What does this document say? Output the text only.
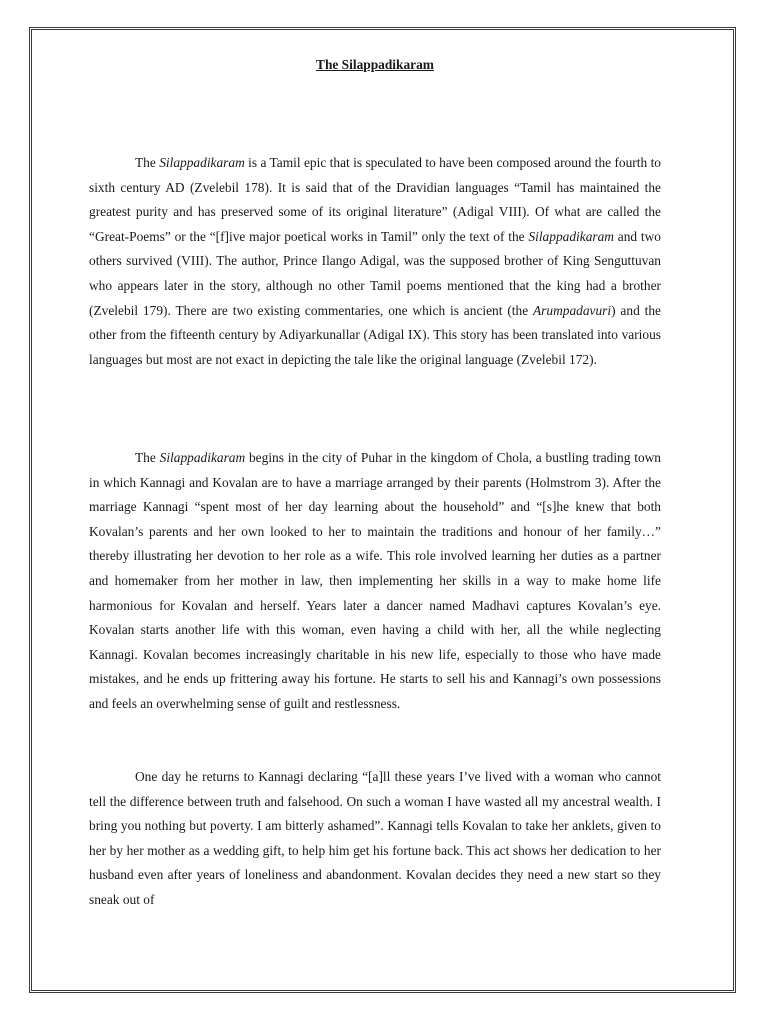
The Silappadikaram

The Silappadikaram is a Tamil epic that is speculated to have been composed around the fourth to sixth century AD (Zvelebil 178). It is said that of the Dravidian languages “Tamil has maintained the greatest purity and has preserved some of its original literature” (Adigal VIII). Of what are called the “Great-Poems” or the “[f]ive major poetical works in Tamil” only the text of the Silappadikaram and two others survived (VIII). The author, Prince Ilango Adigal, was the supposed brother of King Senguttuvan who appears later in the story, although no other Tamil poems mentioned that the king had a brother (Zvelebil 179). There are two existing commentaries, one which is ancient (the Arumpadavuri) and the other from the fifteenth century by Adiyarkunallar (Adigal IX). This story has been translated into various languages but most are not exact in depicting the tale like the original language (Zvelebil 172).

The Silappadikaram begins in the city of Puhar in the kingdom of Chola, a bustling trading town in which Kannagi and Kovalan are to have a marriage arranged by their parents (Holmstrom 3). After the marriage Kannagi “spent most of her day learning about the household” and “[s]he knew that both Kovalan’s parents and her own looked to her to maintain the traditions and honour of her family…” thereby illustrating her devotion to her role as a wife. This role involved learning her duties as a partner and homemaker from her mother in law, then implementing her skills in a way to make home life harmonious for Kovalan and herself. Years later a dancer named Madhavi captures Kovalan’s eye. Kovalan starts another life with this woman, even having a child with her, all the while neglecting Kannagi. Kovalan becomes increasingly charitable in his new life, especially to those who have made mistakes, and he ends up frittering away his fortune. He starts to sell his and Kannagi’s own possessions and feels an overwhelming sense of guilt and restlessness.

One day he returns to Kannagi declaring “[a]ll these years I’ve lived with a woman who cannot tell the difference between truth and falsehood. On such a woman I have wasted all my ancestral wealth. I bring you nothing but poverty. I am bitterly ashamed”. Kannagi tells Kovalan to take her anklets, given to her by her mother as a wedding gift, to help him get his fortune back. This act shows her dedication to her husband even after years of loneliness and abandonment. Kovalan decides they need a new start so they sneak out of
